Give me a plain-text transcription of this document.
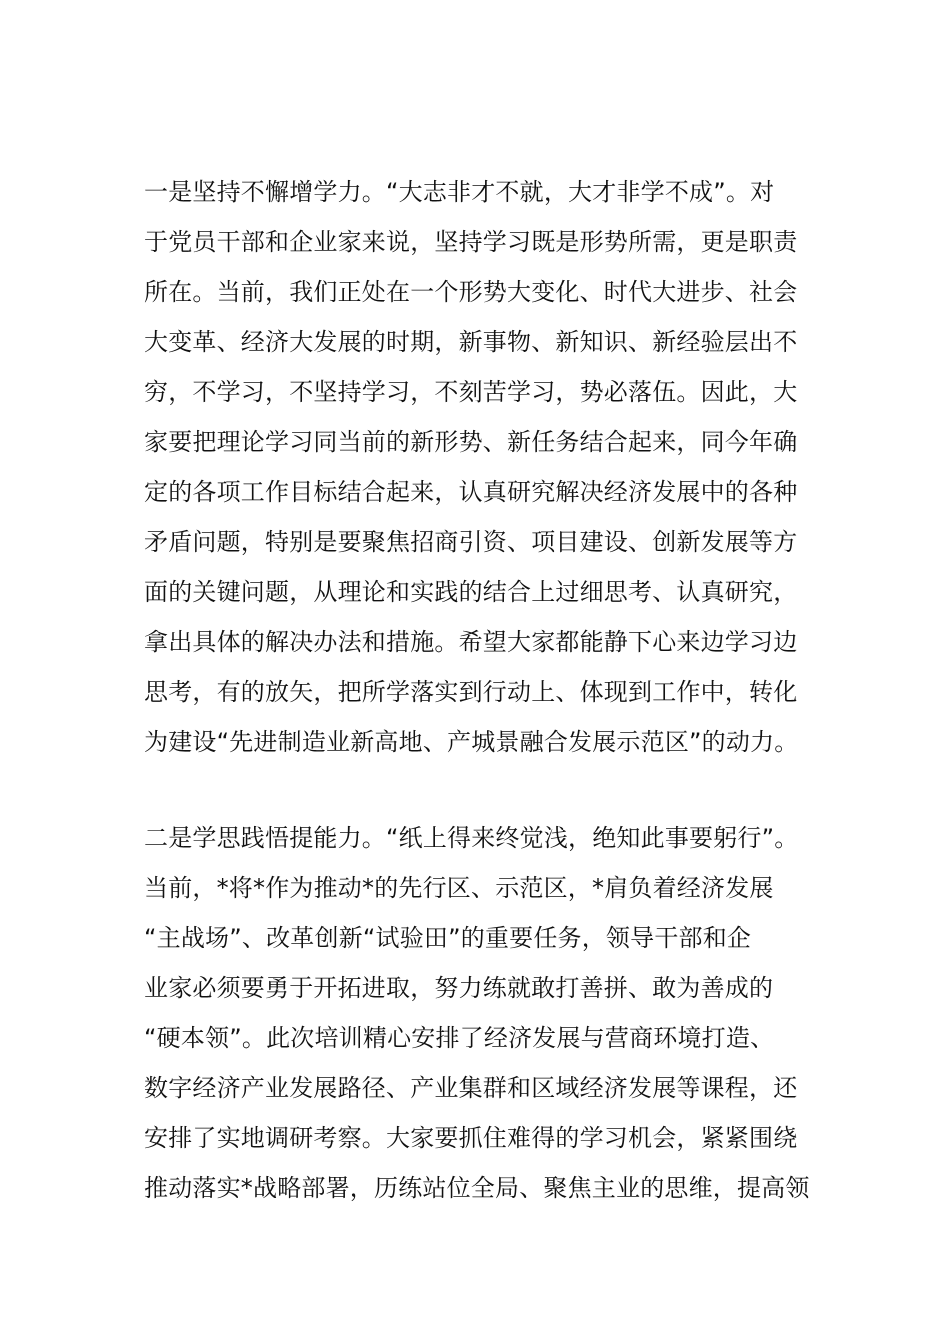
一是坚持不懈增学力。“大志非才不就，大才非学不成”。对
于党员干部和企业家来说，坚持学习既是形势所需，更是职责
所在。当前，我们正处在一个形势大变化、时代大进步、社会
大变革、经济大发展的时期，新事物、新知识、新经验层出不
穷，不学习，不坚持学习，不刻苦学习，势必落伍。因此，大
家要把理论学习同当前的新形势、新任务结合起来，同今年确
定的各项工作目标结合起来，认真研究解决经济发展中的各种
矛盾问题，特别是要聚焦招商引资、项目建设、创新发展等方
面的关键问题，从理论和实践的结合上过细思考、认真研究，
拿出具体的解决办法和措施。希望大家都能静下心来边学习边
思考，有的放矢，把所学落实到行动上、体现到工作中，转化
为建设“先进制造业新高地、产城景融合发展示范区”的动力。
二是学思践悟提能力。“纸上得来终觉浅，绝知此事要躬行”。
当前，*将*作为推动*的先行区、示范区，*肩负着经济发展
“主战场”、改革创新“试验田”的重要任务，领导干部和企
业家必须要勇于开拓进取，努力练就敢打善拼、敢为善成的
“硬本领”。此次培训精心安排了经济发展与营商环境打造、
数字经济产业发展路径、产业集群和区域经济发展等课程，还
安排了实地调研考察。大家要抓住难得的学习机会，紧紧围绕
推动落实*战略部署，历练站位全局、聚焦主业的思维，提高领
